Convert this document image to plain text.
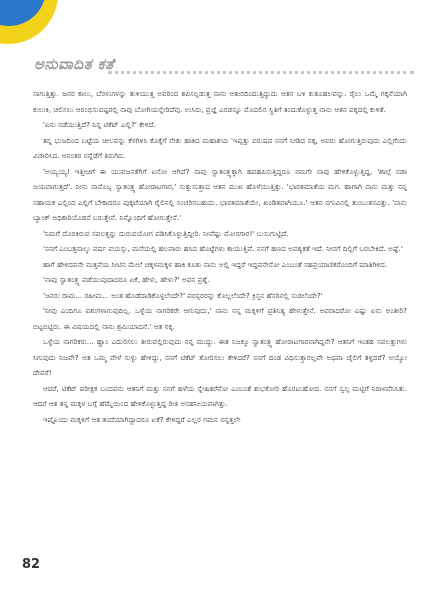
ಅನುವಾದಿತ ಕತೆ

ಸಾಗುತ್ತಿತ್ತು. ಜನರ ಕಾಲು, ಬೆರಳುಗಳನ್ನು ತುಳಿಯುತ್ತ ಅವರಿಂದ ಶಪಿಸಲ್ಪಡುತ್ತ ನಾನು ಆತುರದಿಂದುತ್ತಿದ್ದುದು ಆತನ ಬಳಿ ಕುತೂಹಲವನ್ನು. ರೈಲು ಒಮ್ಮೆ ಗಕ್ಕನೆಯಾಗಿ ಕುಲುಕಿ, ಚಲಿಸಲು ಆರಂಭಿಸುವಷ್ಟರಲ್ಲಿ ನಾವು ಬೋಗಿಯನ್ನೇರಿದೆವು. ಉಸಿರು, ಪ್ರಜ್ಞೆ ಎರಡನ್ನೂ ಮೊದಲಿನ ಸ್ಥಿತಿಗೆ ತಂದುಕೊಳ್ಳುತ್ತ ನಾನು ಆತನ ಪಕ್ಕದಲ್ಲಿ ಕುಳಿತೆ.

'ಏನು ನಡೆಯುತ್ತಿದೆ? ನಿನ್ನ ಟಿಕೆಟ್ ಎಲ್ಲಿ?' ಕೇಳಿದೆ.

ತನ್ನ ಭುಜದಿಂದ ಬಟ್ಟೆಯ ಚೀಲವನ್ನು ಕೆಳಗಿಳಿಸಿ ಕೊಕ್ಕೆಗೆ ನೇತು ಹಾಕಿದ ಮಹಾಶಯ 'ಇಪ್ಪತ್ತು ವರುಷದ ನನಗೆ ನೀಡಿದ ನಕ್ಕ, ಅವರು ಹೋಗುತ್ತಿರುವುದು ಎಲ್ಲಿಗೆಂದು ವಿಚಾರಿಸಿದ. ಅನಂತರ ನನ್ನೆಡೆಗೆ ತಿರುಗಿದ.

'ಅಯ್ಯಯ್ಯ! ಇತ್ತೀಚಿಗೆ ಈ ಯುವಜನತೆಗಿಗೆ ಏನೋ ಆಗಿದೆ? ನಾವು ಸ್ವಾತಂತ್ರ್ಯಕ್ಕಾಗಿ ಹಪಹಪಿಸುತ್ತಿದ್ದರೂ ನಮಗೇ ನಾವು ಹೇಳಿಕೊಳ್ಳುತ್ತಿದ್ದ, 'ಶಾಲ್ಗೆ ನಡಾ ಜಯವಾಗುತ್ತದೆ'. ನೀನು ನಾನೊಬ್ಬ ಸ್ವಾತಂತ್ರ್ಯ ಹೋರಾಟಗಾರ,' ಸುತ್ತುಸುತ್ತಾದ ಆತನ ಮುಖ ಹೊಳೆಯುತ್ತಿತ್ತು. 'ಭಾರತಮಾತೆಯ ಮಗ. ಹಾಗಾಗಿ ನಾನು ಮತ್ತು ನನ್ನ ಸಹಾಯಕ ಎಲ್ಲಿಂದ ಎಲ್ಲಿಗೆ ಬೇಕಾದರೂ ಪುಕ್ಕಟೆಯಾಗಿ ರೈಲಿನಲ್ಲಿ ಸಂಚರಿಸಬಹುದು. ಭಾರತಮಾತೆಯೇ, ಖಂಡಿತವಾಗಿಯೂ.' ಆತನ ನಗುವಿನಲ್ಲಿ ತುಂಬುತನವಿತ್ತು. 'ನಾನು ಬ್ಯಾಂಕ್ ಅಧಿಕಾರಿಯೊಡನೆ ಬರುತ್ತೇನೆ. ನಿನ್ನೊಂದಿಗೆ ಹೋಗುತ್ತೇನೆ.'

'ನಿಮಗೆ ದೊರಕಿರುವ ಸವಲತ್ತನ್ನು ದುರುಪಯೋಗ ಪಡಿಸಿಕೊಳ್ಳುತ್ತಿದ್ದೀರಿ. ನೀವೆಷ್ಟು ಮೋಸಗಾರ!' ಬುಸುಗುಟ್ಟಿದೆ.

'ನನಗೆ ಎಂಬತ್ತನಾಲ್ಕು ವರ್ಷ ವಯಸ್ಸು, ಮನೆಯಲ್ಲಿ ಹಲವಾರು ಹಸಿದ ಹೊಟ್ಟೆಗಳು ಕಾಯುತ್ತಿವೆ. ನನಗೆ ಹಣದ ಅವಶ್ಯಕತೆ ಇದೆ. ನೀನಗೆ ದಿಲ್ಲಿಗೆ ಬರಬೇಕಿದೆ. ಅಷ್ಟೆ.'

ಹಾಗೆ ಹೇಳಿದವನೇ ಮತ್ತನೆಯ ಸೀಟಿನ ಮೇಲೆ ಚಕ್ಕಳಮಕ್ಕಳ ಹಾಕಿ ಕೂತು ನಾನು ಅಲ್ಲಿ ಇದ್ದರೆ ಇದ್ದವನೇನೋ ಎಂಬಂತೆ ಸಹಪ್ರಯಾಣಿಕರೊಂದಿಗೆ ಮಾತಿಗಿಳಿದ.

'ನಾವು ಸ್ವಾತಂತ್ರ್ಯ ಪಡೆಯುವುದಾದರೂ ಏಕೆ, ಹೇಳು, ಹೇಳು?' ಅವನ ಪ್ರಶ್ನೆ.

'ಜನರು ರಾಮ... ರಹೀಮ... ಅಂತ ಹೊಡೆದಾಡಿಕೊಳ್ಳಲೆಂದೇ?' ಪರಸ್ಪರರನ್ನು ಕೊಲ್ಲಲೆಂದೇ? ಕ್ರಿಸ್ತನ ಹೆಸರಿನಲ್ಲಿ ಸುಡಲೆಂದೇ?'

'ನೀವು ಎಂದಿಗೂ ಪಶುಗಳಾಗುವುದಿಲ್ಲ. ಒಳ್ಳೆಯ ನಾಗರಿಕರೇ ಆಗುವುದು,' ನಾನು ನನ್ನ ಮಕ್ಕಳಿಗೆ ಪ್ರತಿನಿತ್ಯ ಹೇಳುತ್ತೇನೆ. ಅವರಾದರೋ ಎಷ್ಟು ಏನು ಅಂತೀರಿ? ಬಿಟ್ಟಬಿಟ್ಟಿರು. ಈ ವಿಷಯದಲ್ಲಿ ನಾನು ಶ್ರಮಿಯಾದನೆ.' ಆತ ನಕ್ಕ.

ಒಳ್ಳೆಯ ನಾಗರಿಕರು... ಹ್ಹಾಂ ಎದುರಿಸಲು ತೀರುವಲ್ಲಿರುವುದು ನನ್ನ ಮುದ್ದು. ಈತ ನಿಜಕ್ಕೂ ಸ್ವಾತಂತ್ರ್ಯ ಹೋರಾಟಗಾರನಾಗಿದ್ದನೇ? ಆತನಿಗೆ ಇಂತಹ ಸವಲತ್ತುಗಳು ಸಿಗುವುದು ನಿಜವೇ? ಆತ ಒಮ್ಮ ವೇಳೆ ಸುಳ್ಳು ಹೇಳಿದ್ದು, ನನಗೆ ಟಿಕೆಟ್ ತೋರಿಸಲು ಕೇಳಿದರೆ? ನನಗೆ ದಂಡ ವಿಧಿಸುತ್ತಾರಲ್ಲವೇ ಅಥವಾ ಜೈಲಿಗೆ ತಳ್ಳಿದರೆ? ಅಯ್ಯೋ ದೇವರೆ!

ಆದರೆ, ಟಿಕೆಟ್ ಪರೀಕ್ಷಕ ಬಂದವನು ಆತನಿಗೆ ಮತ್ತು ನನಗೆ ಹಳೆಯ ಸ್ನೇಹಿತರೆನೋ ಎಂಬಂತೆ ಶುಭಕೋರಿ ಹೊರಟುಹೋದ. ನನಗೆ ಸ್ವಲ್ಪ ಮಟ್ಟಿಗೆ ನಿರಾಳವೆನಿಸಿತು. ಆದರೆ ಆತ ತನ್ನ ಮಕ್ಕಳ ಬಗ್ಗೆ ಹೆಮ್ಮೆಯಿಂದ ಹೇಳಿಕೊಳ್ಳುತ್ತಿದ್ದ ರೀತಿ ಆಸಹನೀಯವಾಗಿತ್ತು.

ಇಷ್ಟೊಂದು ಮಕ್ಕಳಿಗೆ ಆತ ತಂದೆಯಾಗಿದ್ದಾದರೂ ಏಕೆ? ಕೇಳಿದ್ದರೆ ಎಲ್ಲರ ಗಮನ ನನ್ನತ್ತಲೇ

82
